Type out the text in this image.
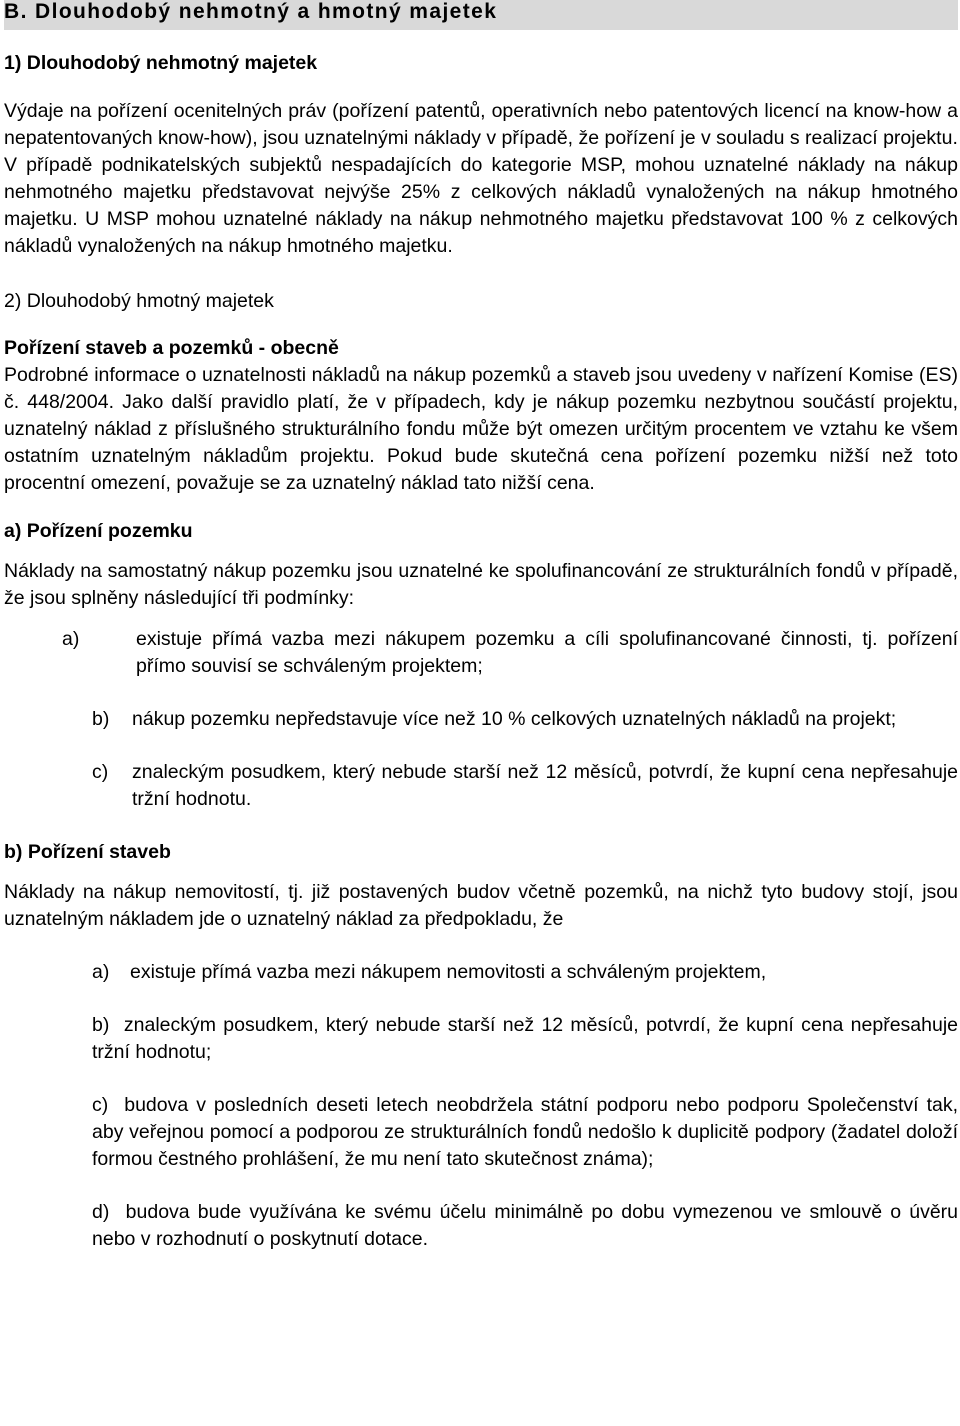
B. Dlouhodobý nehmotný a hmotný majetek
1) Dlouhodobý nehmotný majetek

Výdaje na pořízení ocenitelných práv (pořízení patentů, operativních nebo patentových licencí na know-how a nepatentovaných know-how), jsou uznatelnými náklady v případě, že pořízení je v souladu s realizací projektu.
V případě podnikatelských subjektů nespadajících do kategorie MSP, mohou uznatelné náklady na nákup nehmotného majetku představovat nejvýše 25% z celkových nákladů vynaložených na nákup hmotného majetku. U MSP mohou uznatelné náklady na nákup nehmotného majetku představovat 100 % z celkových nákladů vynaložených na nákup hmotného majetku.

2) Dlouhodobý hmotný majetek
Pořízení staveb a pozemků - obecně

Podrobné informace o uznatelnosti nákladů na nákup pozemků a staveb jsou uvedeny v nařízení Komise (ES) č. 448/2004. Jako další pravidlo platí, že v případech, kdy je nákup pozemku nezbytnou součástí projektu, uznatelný náklad z příslušného strukturálního fondu může být omezen určitým procentem ve vztahu ke všem ostatním uznatelným nákladům projektu. Pokud bude skutečná cena pořízení pozemku nižší než toto procentní omezení, považuje se za uznatelný náklad tato nižší cena.

a) Pořízení pozemku

Náklady na samostatný nákup pozemku jsou uznatelné ke spolufinancování ze strukturálních fondů v případě, že jsou splněny následující tři podmínky:

a)	existuje přímá vazba mezi nákupem pozemku a cíli spolufinancované činnosti, tj. pořízení přímo souvisí se schváleným projektem;
b)	nákup pozemku nepředstavuje více než 10 % celkových uznatelných nákladů na projekt;
c)	znaleckým posudkem, který nebude starší než 12 měsíců, potvrdí, že kupní cena nepřesahuje tržní hodnotu.
b) Pořízení staveb

Náklady na nákup nemovitostí, tj. již postavených budov včetně pozemků, na nichž tyto budovy stojí, jsou uznatelným nákladem jde o uznatelný náklad za předpokladu, že

a)	existuje přímá vazba mezi nákupem nemovitosti a schváleným projektem,
b) znaleckým posudkem, který nebude starší než 12 měsíců, potvrdí, že kupní cena nepřesahuje tržní hodnotu;
c) budova v posledních deseti letech neobdržela státní podporu nebo podporu Společenství tak, aby veřejnou pomocí a podporou ze strukturálních fondů nedošlo k duplicitě podpory (žadatel doloží formou čestného prohlášení, že mu není tato skutečnost známa);
d) budova bude využívána ke svému účelu minimálně po dobu vymezenou ve smlouvě o úvěru nebo v rozhodnutí o poskytnutí dotace.
